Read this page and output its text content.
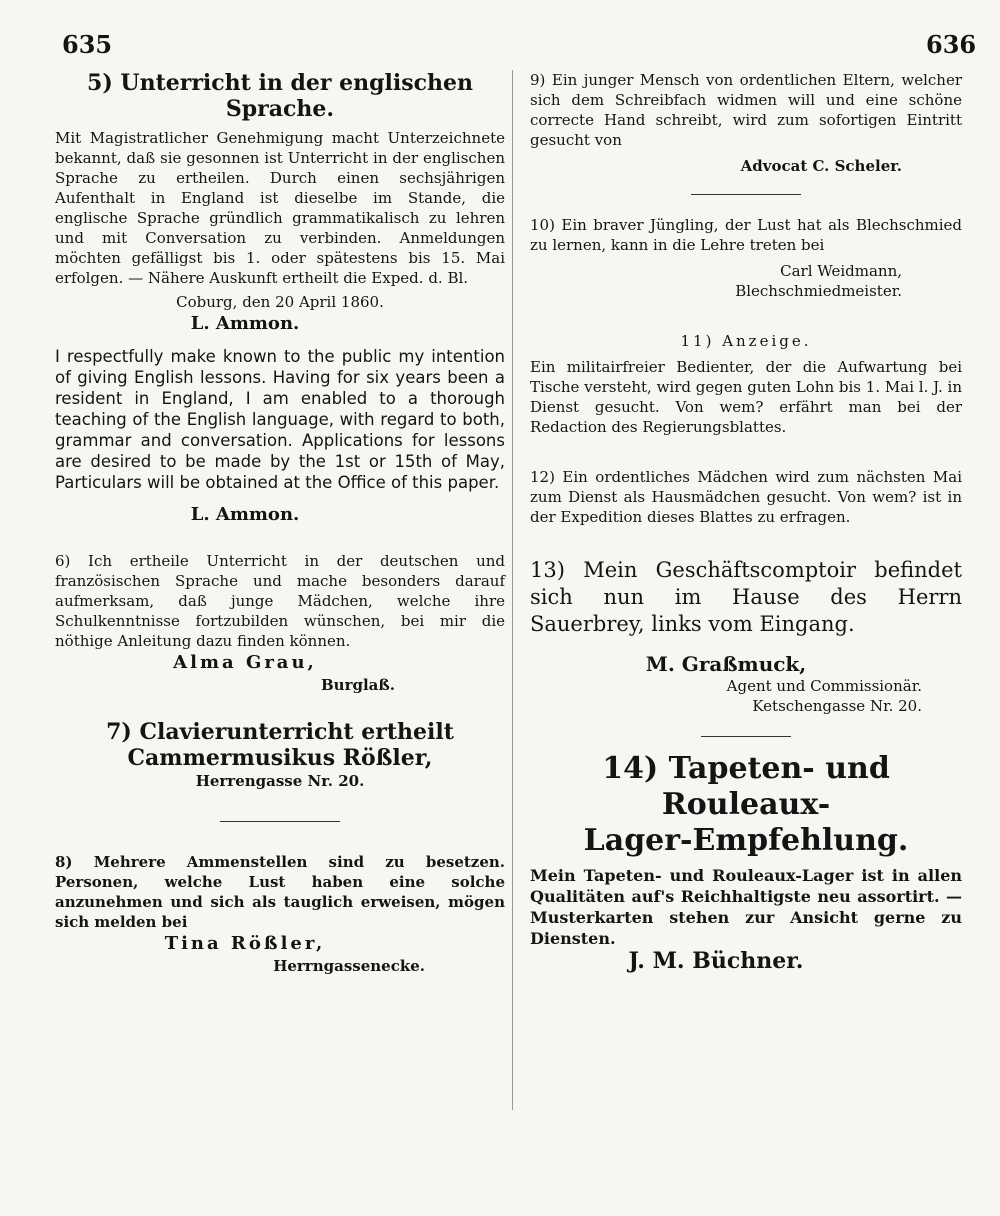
635	636

5) Unterricht in der englischen

Sprache.

Mit Magistratlicher Genehmigung macht Unterzeichnete bekannt, daß sie gesonnen ist Unterricht in der englischen Sprache zu ertheilen. Durch einen sechsjährigen Aufenthalt in England ist dieselbe im Stande, die englische Sprache gründlich grammatikalisch zu lehren und mit Conversation zu verbinden. Anmeldungen möchten gefälligst bis 1. oder spätestens bis 15. Mai erfolgen. — Nähere Auskunft ertheilt die Exped. d. Bl.

Coburg, den 20 April 1860.

L. Ammon.

I respectfully make known to the public my intention of giving English lessons. Having for six years been a resident in England, I am enabled to a thorough teaching of the English language, with regard to both, grammar and conversation. Applications for lessons are desired to be made by the 1st or 15th of May, Particulars will be obtained at the Office of this paper.

L. Ammon.

6) Ich ertheile Unterricht in der deutschen und französischen Sprache und mache besonders darauf aufmerksam, daß junge Mädchen, welche ihre Schulkenntnisse fortzubilden wünschen, bei mir die nöthige Anleitung dazu finden können.

Alma Grau,

Burglaß.

7) Clavierunterricht ertheilt

Cammermusikus Rößler,

Herrengasse Nr. 20.

8) Mehrere Ammenstellen sind zu besetzen. Personen, welche Lust haben eine solche anzunehmen und sich als tauglich erweisen, mögen sich melden bei

Tina Rößler,

Herrngasseneckе.

9) Ein junger Mensch von ordentlichen Eltern, welcher sich dem Schreibfach widmen will und eine schöne correcte Hand schreibt, wird zum sofortigen Eintritt gesucht von

Advocat C. Scheler.

10) Ein braver Jüngling, der Lust hat als Blechschmied zu lernen, kann in die Lehre treten bei

Carl Weidmann,

Blechschmiedmeister.

11) Anzeige.

Ein militairfreier Bedienter, der die Aufwartung bei Tische versteht, wird gegen guten Lohn bis 1. Mai l. J. in Dienst gesucht. Von wem? erfährt man bei der Redaction des Regierungsblattes.

12) Ein ordentliches Mädchen wird zum nächsten Mai zum Dienst als Hausmädchen gesucht. Von wem? ist in der Expedition dieses Blattes zu erfragen.

13) Mein Geschäftscomptoir befindet sich nun im Hause des Herrn Sauerbrey, links vom Eingang.

M. Graßmuck,

Agent und Commissionär.

Ketschengasse Nr. 20.

14) Tapeten- und Rouleaux-

Lager-Empfehlung.

Mein Tapeten- und Rouleaux-Lager ist in allen Qualitäten auf's Reichhaltigste neu assortirt. — Musterkarten stehen zur Ansicht gerne zu Diensten.

J. M. Büchner.
